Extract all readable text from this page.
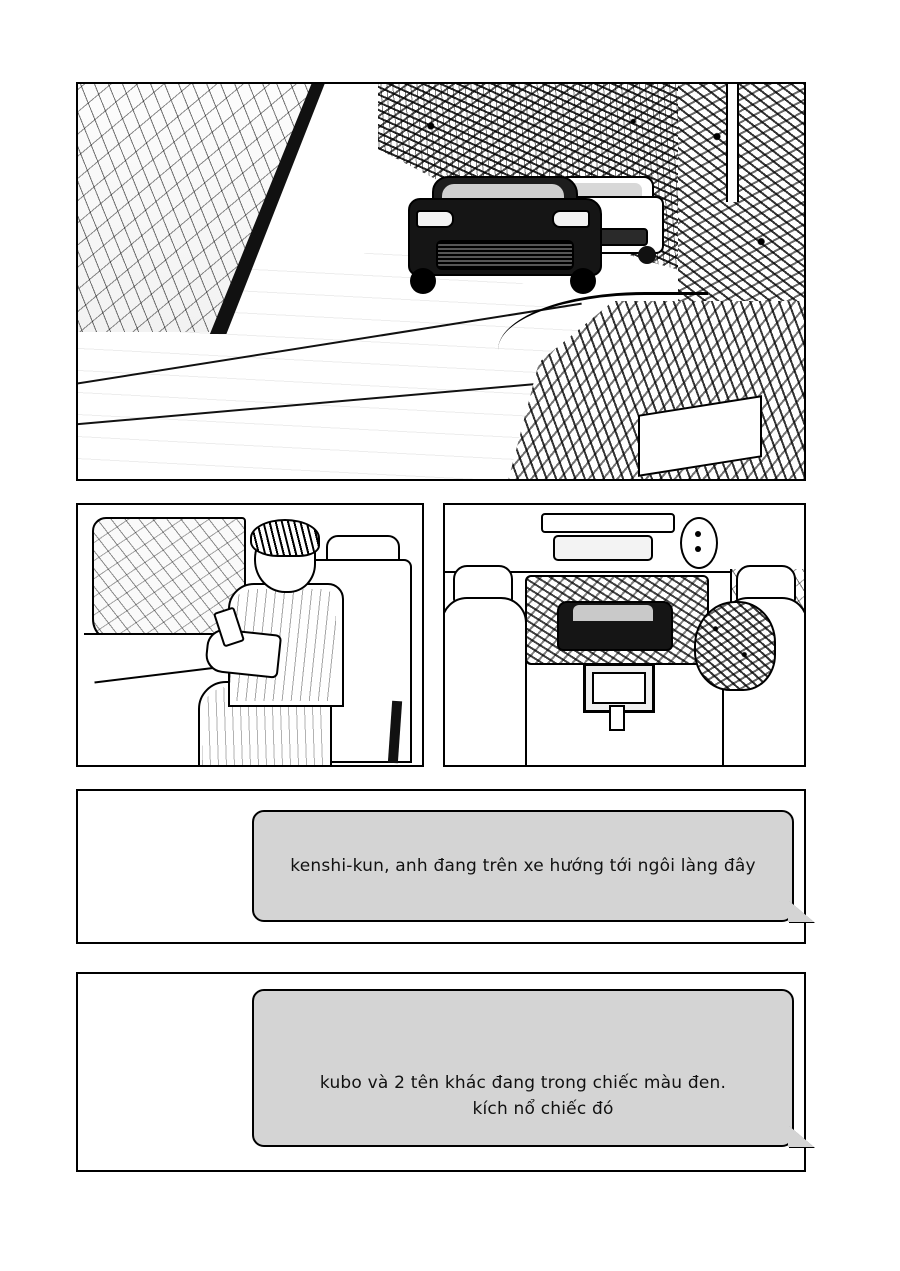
kenshi-kun, anh đang trên xe hướng tới ngôi làng đây

kubo và 2 tên khác đang trong chiếc màu đen.

kích nổ chiếc đó
